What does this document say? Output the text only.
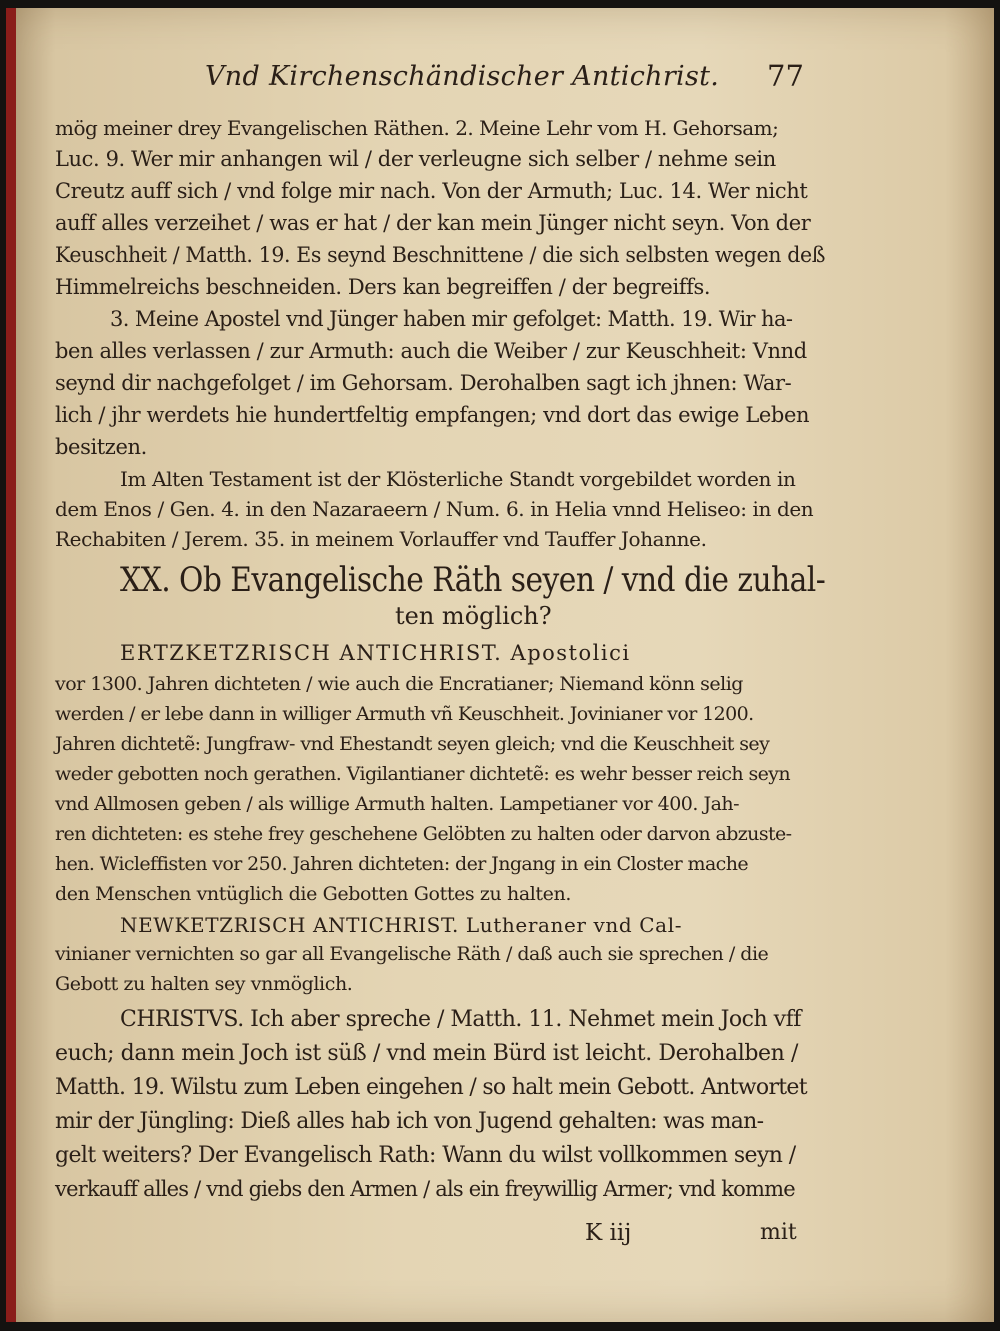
Vnd Kirchenschändischer Antichrist. 77
mög meiner drey Evangelischen Räthen. 2. Meine Lehr vom H. Gehorsam;
Luc. 9. Wer mir anhangen wil / der verleugne sich selber / nehme sein
Creutz auff sich / vnd folge mir nach. Von der Armuth; Luc. 14. Wer nicht
auff alles verzeihet / was er hat / der kan mein Jünger nicht seyn. Von der
Keuschheit / Matth. 19. Es seynd Beschnittene / die sich selbsten wegen deß
Himmelreichs beschneiden. Ders kan begreiffen / der begreiffs.
3. Meine Apostel vnd Jünger haben mir gefolget: Matth. 19. Wir ha-
ben alles verlassen / zur Armuth: auch die Weiber / zur Keuschheit: Vnnd
seynd dir nachgefolget / im Gehorsam. Derohalben sagt ich jhnen: War-
lich / jhr werdets hie hundertfeltig empfangen; vnd dort das ewige Leben
besitzen.
Im Alten Testament ist der Klösterliche Standt vorgebildet worden in
dem Enos / Gen. 4. in den Nazaraeern / Num. 6. in Helia vnnd Heliseo: in den
Rechabiten / Jerem. 35. in meinem Vorlauffer vnd Tauffer Johanne.
XX. Ob Evangelische Räth seyen / vnd die zuhal-
ten möglich?
ERTZKETZRISCH ANTICHRIST. Apostolici
vor 1300. Jahren dichteten / wie auch die Encratianer; Niemand könn selig
werden / er lebe dann in williger Armuth vñ Keuschheit. Jovinianer vor 1200.
Jahren dichtetẽ: Jungfraw- vnd Ehestandt seyen gleich; vnd die Keuschheit sey
weder gebotten noch gerathen. Vigilantianer dichtetẽ: es wehr besser reich seyn
vnd Allmosen geben / als willige Armuth halten. Lampetianer vor 400. Jah-
ren dichteten: es stehe frey geschehene Gelöbten zu halten oder darvon abzuste-
hen. Wicleffisten vor 250. Jahren dichteten: der Jngang in ein Closter mache
den Menschen vntüglich die Gebotten Gottes zu halten.
NEWKETZRISCH ANTICHRIST. Lutheraner vnd Cal-
vinianer vernichten so gar all Evangelische Räth / daß auch sie sprechen / die
Gebott zu halten sey vnmöglich.
CHRISTVS. Ich aber spreche / Matth. 11. Nehmet mein Joch vff
euch; dann mein Joch ist süß / vnd mein Bürd ist leicht. Derohalben /
Matth. 19. Wilstu zum Leben eingehen / so halt mein Gebott. Antwortet
mir der Jüngling: Dieß alles hab ich von Jugend gehalten: was man-
gelt weiters? Der Evangelisch Rath: Wann du wilst vollkommen seyn /
verkauff alles / vnd giebs den Armen / als ein freywillig Armer; vnd komme
K iij	mit
